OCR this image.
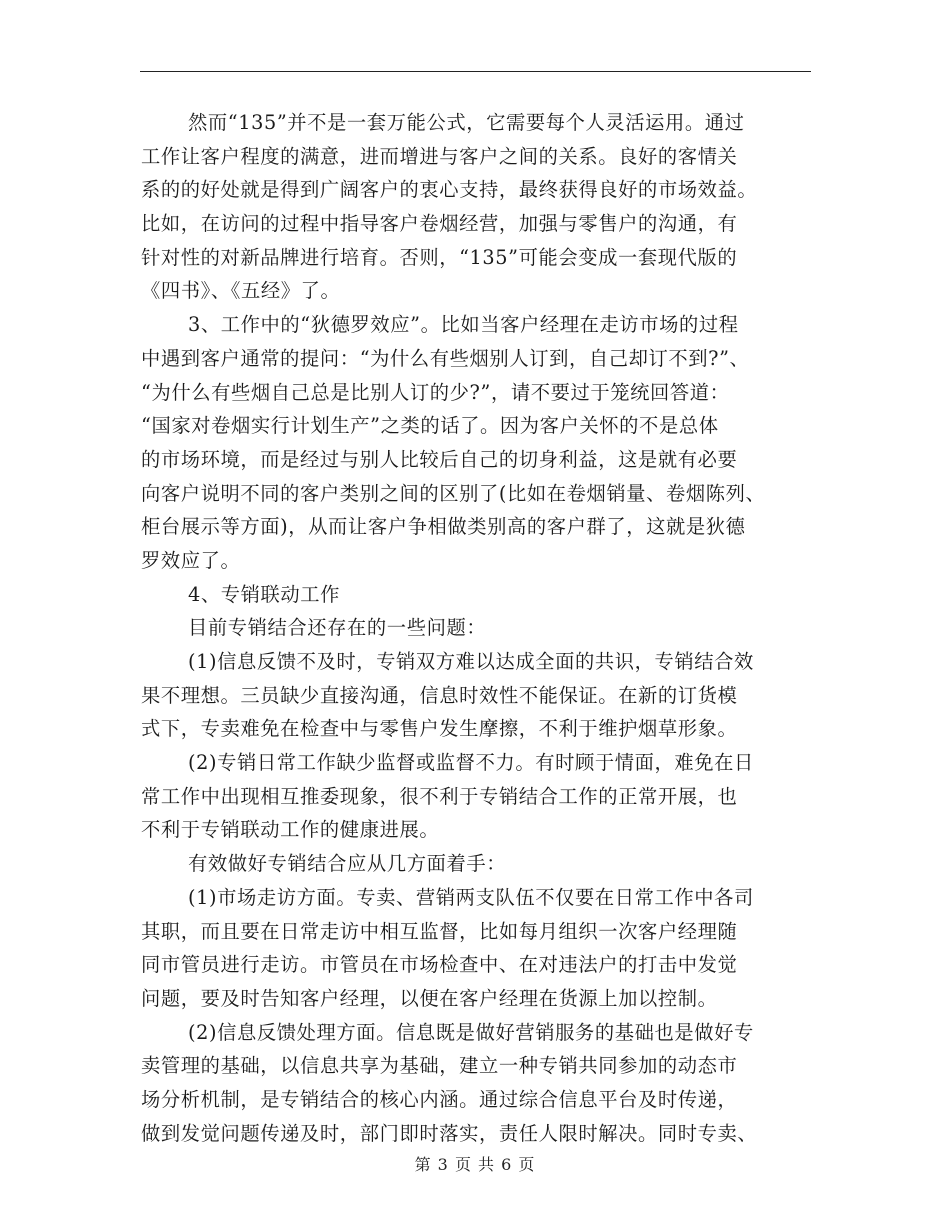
然而“135”并不是一套万能公式，它需要每个人灵活运用。通过
工作让客户程度的满意，进而增进与客户之间的关系。良好的客情关
系的的好处就是得到广阔客户的衷心支持，最终获得良好的市场效益。
比如，在访问的过程中指导客户卷烟经营，加强与零售户的沟通，有
针对性的对新品牌进行培育。否则，“135”可能会变成一套现代版的
《四书》、《五经》了。
3、工作中的“狄德罗效应”。比如当客户经理在走访市场的过程
中遇到客户通常的提问：“为什么有些烟别人订到，自己却订不到?”、
“为什么有些烟自己总是比别人订的少?”，请不要过于笼统回答道：
“国家对卷烟实行计划生产”之类的话了。因为客户关怀的不是总体
的市场环境，而是经过与别人比较后自己的切身利益，这是就有必要
向客户说明不同的客户类别之间的区别了(比如在卷烟销量、卷烟陈列、
柜台展示等方面)，从而让客户争相做类别高的客户群了，这就是狄德
罗效应了。
4、专销联动工作
目前专销结合还存在的一些问题：
(1)信息反馈不及时，专销双方难以达成全面的共识，专销结合效
果不理想。三员缺少直接沟通，信息时效性不能保证。在新的订货模
式下，专卖难免在检查中与零售户发生摩擦，不利于维护烟草形象。
(2)专销日常工作缺少监督或监督不力。有时顾于情面，难免在日
常工作中出现相互推委现象，很不利于专销结合工作的正常开展，也
不利于专销联动工作的健康进展。
有效做好专销结合应从几方面着手：
(1)市场走访方面。专卖、营销两支队伍不仅要在日常工作中各司
其职，而且要在日常走访中相互监督，比如每月组织一次客户经理随
同市管员进行走访。市管员在市场检查中、在对违法户的打击中发觉
问题，要及时告知客户经理，以便在客户经理在货源上加以控制。
(2)信息反馈处理方面。信息既是做好营销服务的基础也是做好专
卖管理的基础，以信息共享为基础，建立一种专销共同参加的动态市
场分析机制，是专销结合的核心内涵。通过综合信息平台及时传递，
做到发觉问题传递及时，部门即时落实，责任人限时解决。同时专卖、
第 3 页 共 6 页
